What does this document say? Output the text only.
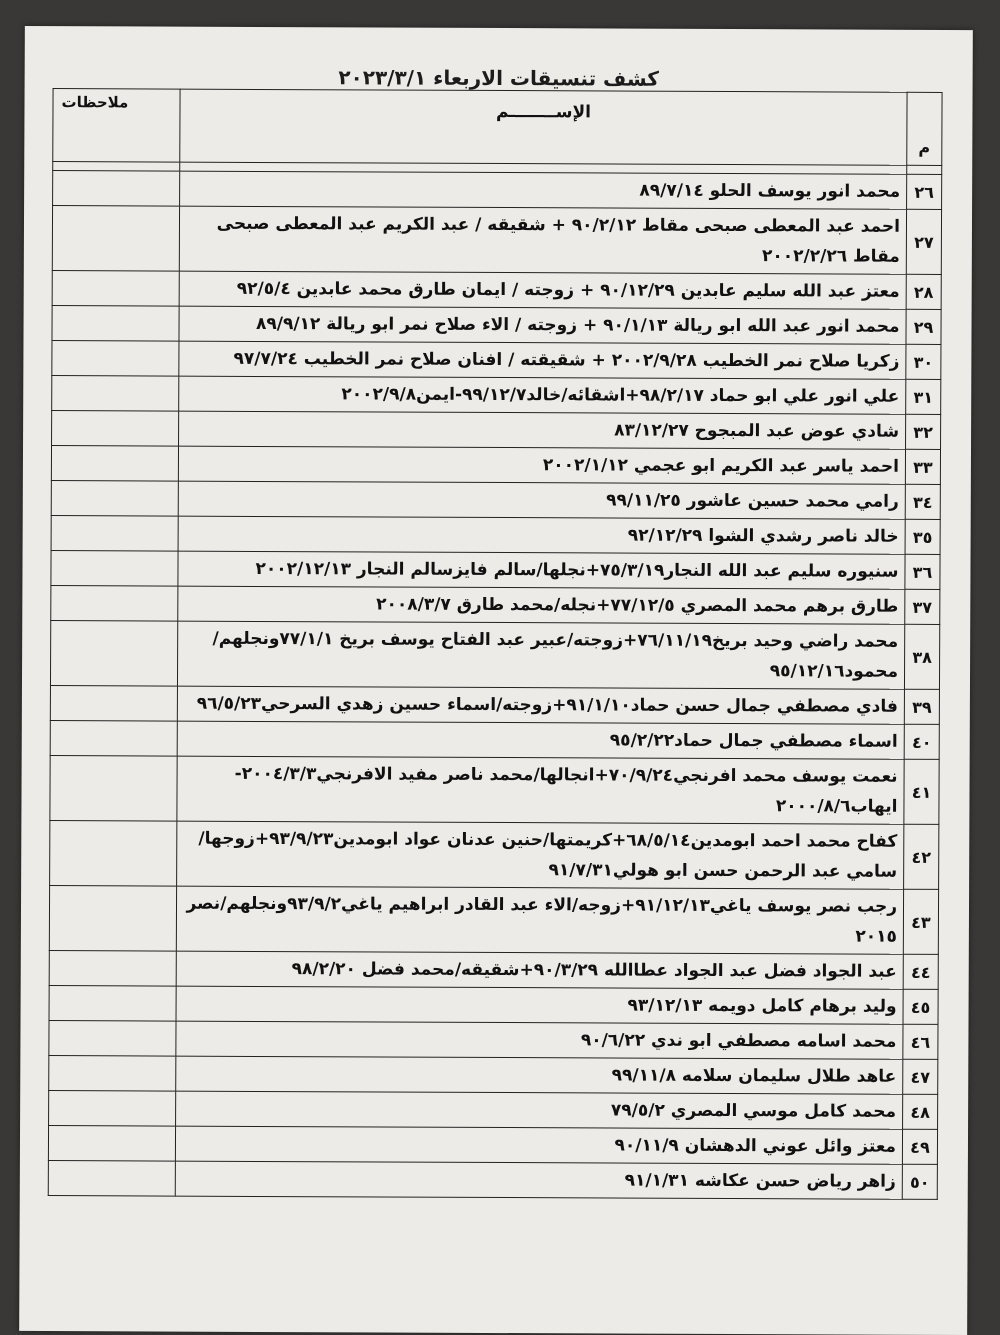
كشف تنسيقات الاربعاء ٢٠٢٣/٣/١
م	الإســــــــم	ملاحظات

٢٦	محمد انور يوسف الحلو ٨٩/٧/١٤	
٢٧	احمد عبد المعطى صبحى مقاط ٩٠/٢/١٢ + شقيقه / عبد الكريم عبد المعطى صبحى مقاط ٢٠٠٢/٢/٢٦	
٢٨	معتز عبد الله سليم عابدين ٩٠/١٢/٢٩ + زوجته / ايمان طارق محمد عابدين ٩٢/٥/٤	
٢٩	محمد انور عبد الله ابو ريالة ٩٠/١/١٣ + زوجته / الاء صلاح نمر ابو ريالة ٨٩/٩/١٢	
٣٠	زكريا صلاح نمر الخطيب ٢٠٠٢/٩/٢٨ + شقيقته / افنان صلاح نمر الخطيب ٩٧/٧/٢٤	
٣١	علي انور علي ابو حماد ٩٨/٢/١٧+اشقائه/خالد٩٩/١٢/٧-ايمن٢٠٠٢/٩/٨	
٣٢	شادي عوض عبد المبجوح ٨٣/١٢/٢٧	
٣٣	احمد ياسر عبد الكريم ابو عجمي ٢٠٠٢/١/١٢	
٣٤	رامي محمد حسين عاشور ٩٩/١١/٢٥	
٣٥	خالد ناصر رشدي الشوا ٩٢/١٢/٢٩	
٣٦	سنيوره سليم عبد الله النجار٧٥/٣/١٩+نجلها/سالم فايزسالم النجار ٢٠٠٢/١٢/١٣	
٣٧	طارق برهم محمد المصري ٧٧/١٢/٥+نجله/محمد طارق ٢٠٠٨/٣/٧	
٣٨	محمد راضي وحيد بريخ٧٦/١١/١٩+زوجته/عبير عبد الفتاح يوسف بريخ ٧٧/١/١ونجلهم/محمود٩٥/١٢/١٦	
٣٩	فادي مصطفي جمال حسن حماد٩١/١/١٠+زوجته/اسماء حسين زهدي السرحي٩٦/٥/٢٣	
٤٠	اسماء مصطفي جمال حماد٩٥/٢/٢٢	
٤١	نعمت يوسف محمد افرنجي٧٠/٩/٢٤+انجالها/محمد ناصر مفيد الافرنجي٢٠٠٤/٣/٣-ايهاب٢٠٠٠/٨/٦	
٤٢	كفاح محمد احمد ابومدين٦٨/٥/١٤+كريمتها/حنين عدنان عواد ابومدين٩٣/٩/٢٣+زوجها/سامي عبد الرحمن حسن ابو هولي٩١/٧/٣١	
٤٣	رجب نصر يوسف ياغي٩١/١٢/١٣+زوجه/الاء عبد القادر ابراهيم ياغي٩٣/٩/٢ونجلهم/نصر ٢٠١٥	
٤٤	عبد الجواد فضل عبد الجواد عطاالله ٩٠/٣/٢٩+شقيقه/محمد فضل ٩٨/٢/٢٠	
٤٥	وليد برهام كامل دويمه ٩٣/١٢/١٣	
٤٦	محمد اسامه مصطفي ابو ندي ٩٠/٦/٢٢	
٤٧	عاهد طلال سليمان سلامه ٩٩/١١/٨	
٤٨	محمد كامل موسي المصري ٧٩/٥/٢	
٤٩	معتز وائل عوني الدهشان ٩٠/١١/٩	
٥٠	زاهر رياض حسن عكاشه ٩١/١/٣١	
